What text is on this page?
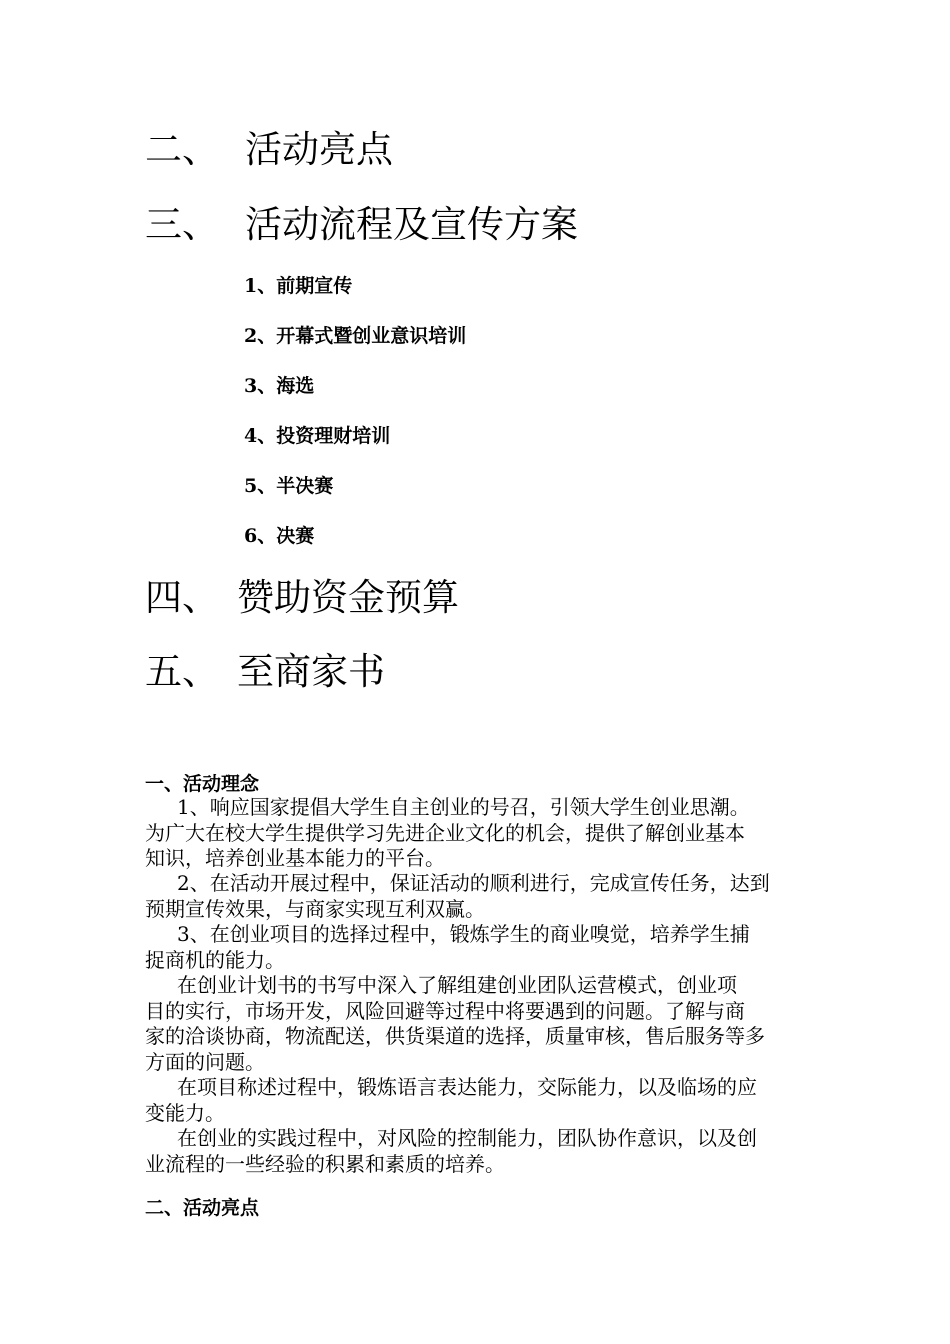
二、 活动亮点
三、 活动流程及宣传方案
1、前期宣传
2、开幕式暨创业意识培训
3、海选
4、投资理财培训
5、半决赛
6、决赛
四、 赞助资金预算
五、 至商家书
一、活动理念
1、响应国家提倡大学生自主创业的号召，引领大学生创业思潮。
为广大在校大学生提供学习先进企业文化的机会，提供了解创业基本
知识，培养创业基本能力的平台。
2、在活动开展过程中，保证活动的顺利进行，完成宣传任务，达到
预期宣传效果，与商家实现互利双赢。
3、在创业项目的选择过程中，锻炼学生的商业嗅觉，培养学生捕
捉商机的能力。
在创业计划书的书写中深入了解组建创业团队运营模式，创业项
目的实行，市场开发，风险回避等过程中将要遇到的问题。了解与商
家的洽谈协商，物流配送，供货渠道的选择，质量审核，售后服务等多
方面的问题。
在项目称述过程中，锻炼语言表达能力，交际能力，以及临场的应
变能力。
在创业的实践过程中，对风险的控制能力，团队协作意识，以及创
业流程的一些经验的积累和素质的培养。
二、活动亮点
